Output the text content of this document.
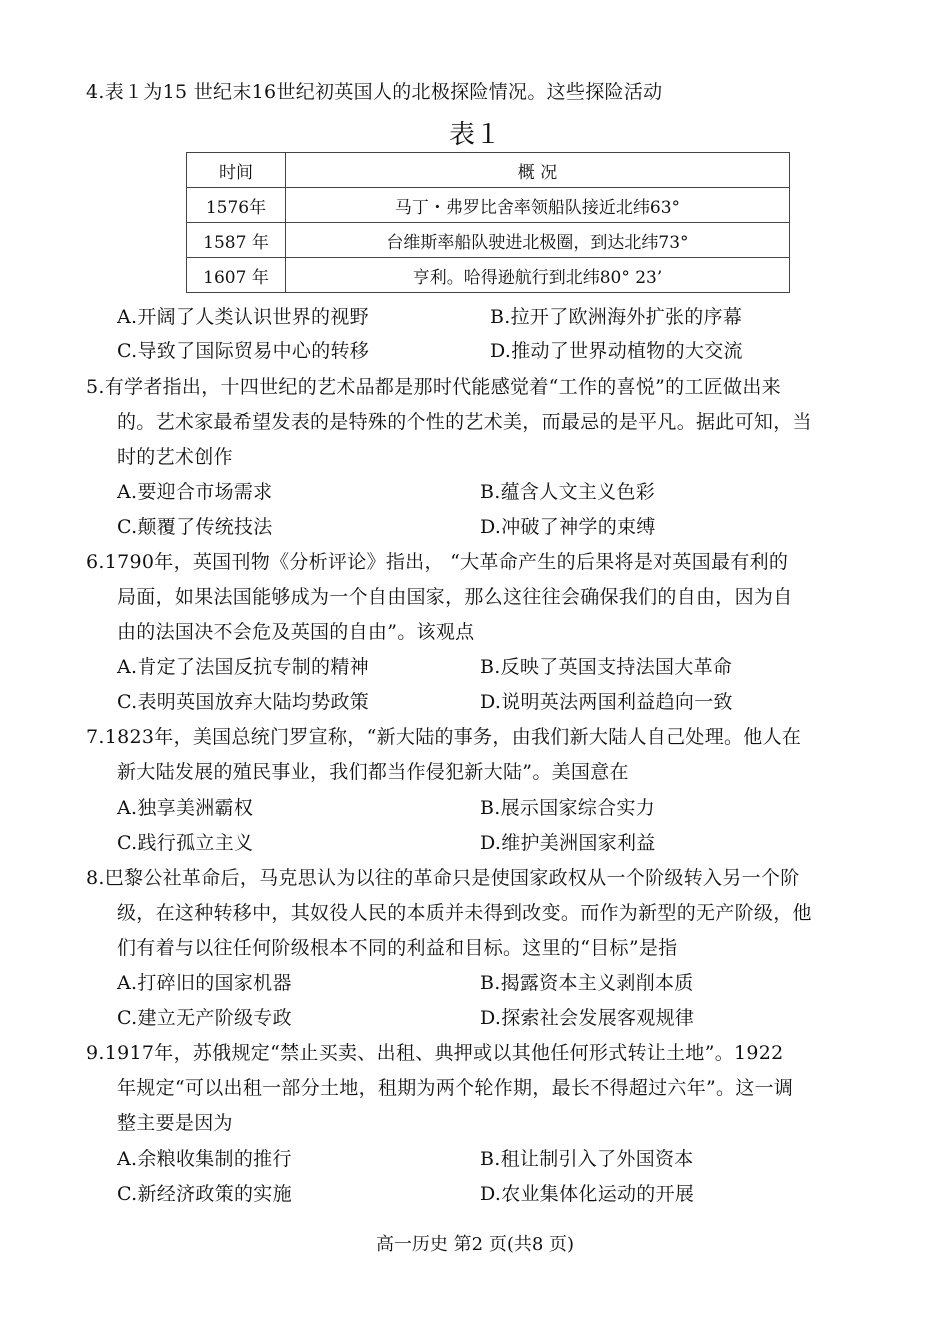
4.表１为15 世纪末16世纪初英国人的北极探险情况。这些探险活动
表１
时间	概 况
1576年	马丁・弗罗比舍率领船队接近北纬63°
1587 年	台维斯率船队驶进北极圈，到达北纬73°
1607 年	亨利。哈得逊航行到北纬80° 23’
A.开阔了人类认识世界的视野	B.拉开了欧洲海外扩张的序幕
C.导致了国际贸易中心的转移	D.推动了世界动植物的大交流
5.有学者指出，十四世纪的艺术品都是那时代能感觉着“工作的喜悦”的工匠做出来
的。艺术家最希望发表的是特殊的个性的艺术美，而最忌的是平凡。据此可知，当
时的艺术创作
A.要迎合市场需求	B.蕴含人文主义色彩
C.颠覆了传统技法	D.冲破了神学的束缚
6.1790年，英国刊物《分析评论》指出， “大革命产生的后果将是对英国最有利的
局面，如果法国能够成为一个自由国家，那么这往往会确保我们的自由，因为自
由的法国决不会危及英国的自由”。该观点
A.肯定了法国反抗专制的精神	B.反映了英国支持法国大革命
C.表明英国放弃大陆均势政策	D.说明英法两国利益趋向一致
7.1823年，美国总统门罗宣称，“新大陆的事务，由我们新大陆人自己处理。他人在
新大陆发展的殖民事业，我们都当作侵犯新大陆”。美国意在
A.独享美洲霸权	B.展示国家综合实力
C.践行孤立主义	D.维护美洲国家利益
8.巴黎公社革命后，马克思认为以往的革命只是使国家政权从一个阶级转入另一个阶
级，在这种转移中，其奴役人民的本质并未得到改变。而作为新型的无产阶级，他
们有着与以往任何阶级根本不同的利益和目标。这里的“目标”是指
A.打碎旧的国家机器	B.揭露资本主义剥削本质
C.建立无产阶级专政	D.探索社会发展客观规律
9.1917年，苏俄规定“禁止买卖、出租、典押或以其他任何形式转让土地”。1922
年规定“可以出租一部分土地，租期为两个轮作期，最长不得超过六年”。这一调
整主要是因为
A.余粮收集制的推行	B.租让制引入了外国资本
C.新经济政策的实施	D.农业集体化运动的开展
高一历史 第2 页(共8 页)
